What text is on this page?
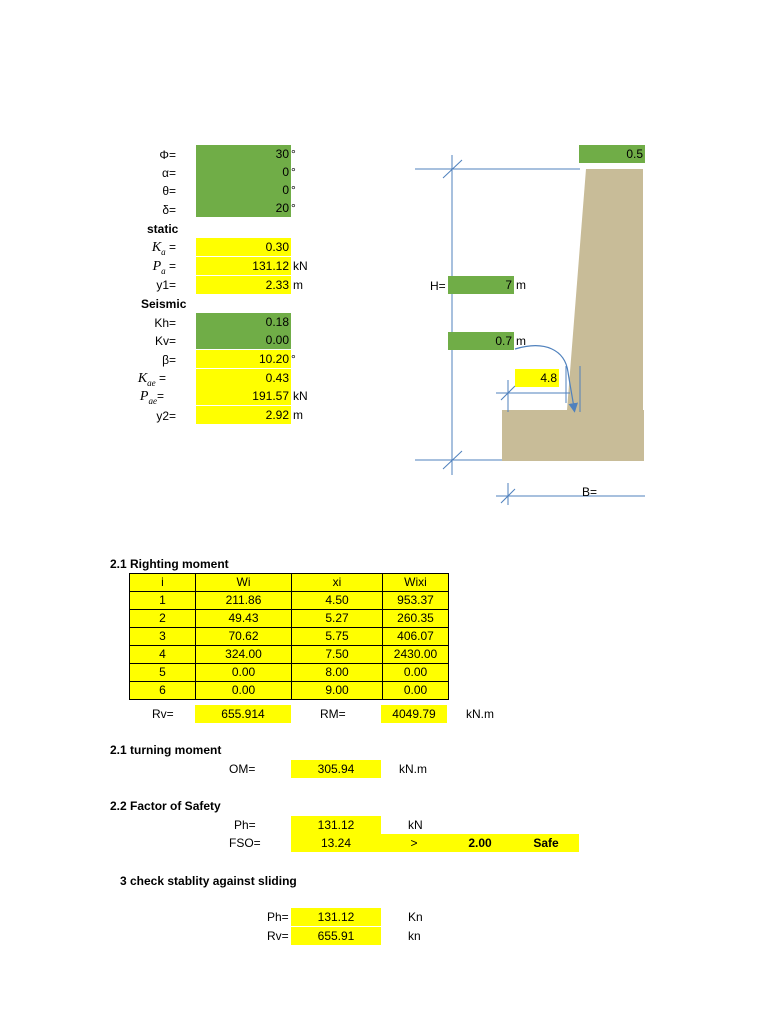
Φ=	30 °
α=	0 °
θ=	0 °
δ=	20 °
static
$K_a$ =	0.30
$P_a$ =	131.12 kN
y1=	2.33 m
Seismic
Kh=	0.18
Kv=	0.00
β=	10.20 °
$K_{ae}$ =	0.43
$P_{ae}=$	191.57 kN
y2=	2.92 m
0.5
H=	7 m
0.7 m
4.8
B=
2.1 Righting moment
i	Wi	xi	Wixi
1	211.86	4.50	953.37
2	49.43	5.27	260.35
3	70.62	5.75	406.07
4	324.00	7.50	2430.00
5	0.00	8.00	0.00
6	0.00	9.00	0.00
Rv=	655.914	RM=	4049.79	kN.m
2.1 turning moment
OM=	305.94	kN.m
2.2 Factor of Safety
Ph=	131.12	kN
FSO=	13.24	>	2.00	Safe
3 check stablity against sliding
Ph=	131.12	Kn
Rv=	655.91	kn
